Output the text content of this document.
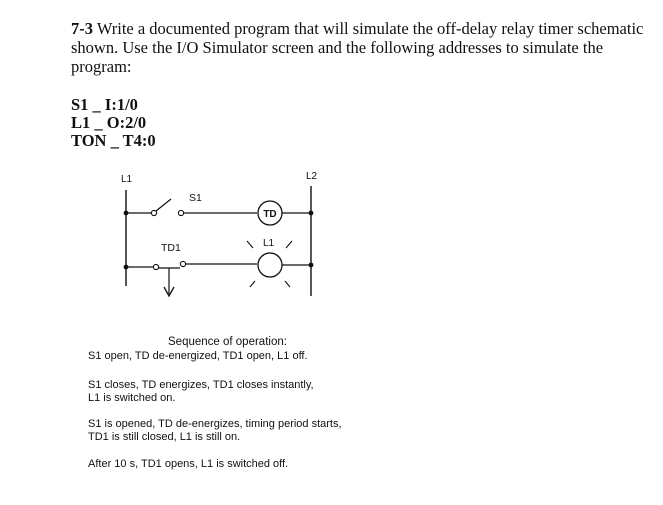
7-3 Write a documented program that will simulate the off-delay relay timer schematic shown. Use the I/O Simulator screen and the following addresses to simulate the program:
S1 _ I:1/0
L1 _ O:2/0
TON _ T4:0
L1	L2
S1
TD
TD1	L1
Sequence of operation:
S1 open, TD de-energized, TD1 open, L1 off.
S1 closes, TD energizes, TD1 closes instantly,
L1 is switched on.
S1 is opened, TD de-energizes, timing period starts,
TD1 is still closed, L1 is still on.
After 10 s, TD1 opens, L1 is switched off.
